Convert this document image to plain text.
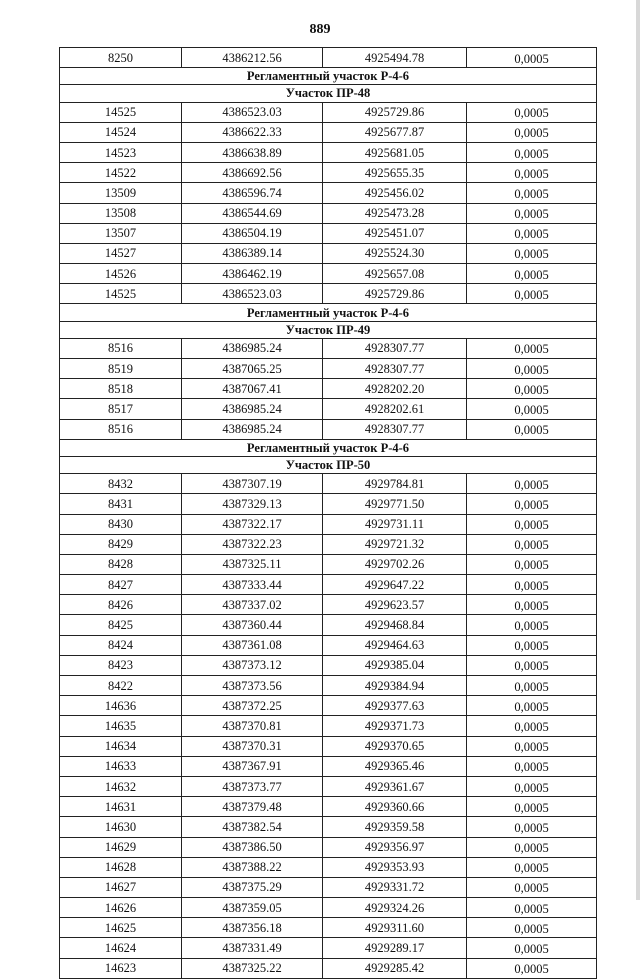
889
8250	4386212.56	4925494.78	0,0005
Регламентный участок Р-4-6			
Участок ПР-48			
14525	4386523.03	4925729.86	0,0005
14524	4386622.33	4925677.87	0,0005
14523	4386638.89	4925681.05	0,0005
14522	4386692.56	4925655.35	0,0005
13509	4386596.74	4925456.02	0,0005
13508	4386544.69	4925473.28	0,0005
13507	4386504.19	4925451.07	0,0005
14527	4386389.14	4925524.30	0,0005
14526	4386462.19	4925657.08	0,0005
14525	4386523.03	4925729.86	0,0005
Регламентный участок Р-4-6			
Участок ПР-49			
8516	4386985.24	4928307.77	0,0005
8519	4387065.25	4928307.77	0,0005
8518	4387067.41	4928202.20	0,0005
8517	4386985.24	4928202.61	0,0005
8516	4386985.24	4928307.77	0,0005
Регламентный участок Р-4-6			
Участок ПР-50			
8432	4387307.19	4929784.81	0,0005
8431	4387329.13	4929771.50	0,0005
8430	4387322.17	4929731.11	0,0005
8429	4387322.23	4929721.32	0,0005
8428	4387325.11	4929702.26	0,0005
8427	4387333.44	4929647.22	0,0005
8426	4387337.02	4929623.57	0,0005
8425	4387360.44	4929468.84	0,0005
8424	4387361.08	4929464.63	0,0005
8423	4387373.12	4929385.04	0,0005
8422	4387373.56	4929384.94	0,0005
14636	4387372.25	4929377.63	0,0005
14635	4387370.81	4929371.73	0,0005
14634	4387370.31	4929370.65	0,0005
14633	4387367.91	4929365.46	0,0005
14632	4387373.77	4929361.67	0,0005
14631	4387379.48	4929360.66	0,0005
14630	4387382.54	4929359.58	0,0005
14629	4387386.50	4929356.97	0,0005
14628	4387388.22	4929353.93	0,0005
14627	4387375.29	4929331.72	0,0005
14626	4387359.05	4929324.26	0,0005
14625	4387356.18	4929311.60	0,0005
14624	4387331.49	4929289.17	0,0005
14623	4387325.22	4929285.42	0,0005
